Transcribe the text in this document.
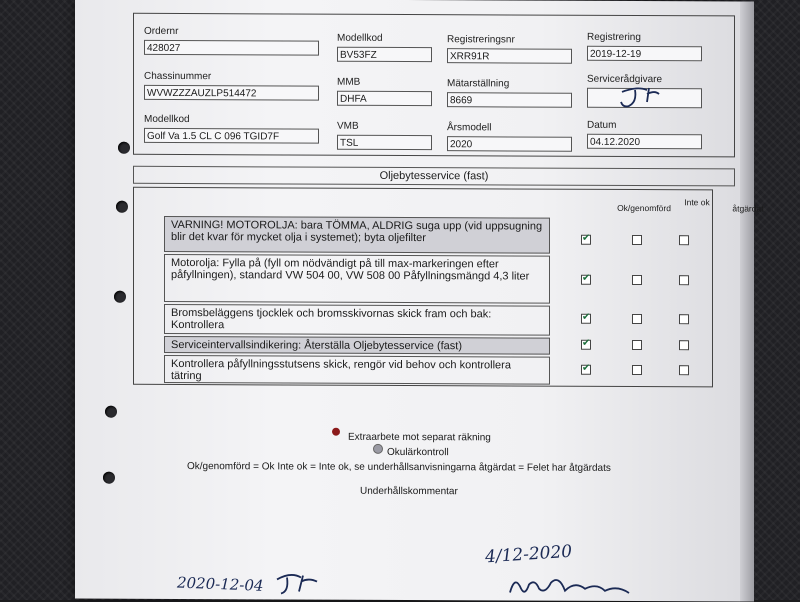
Ordernr
428027
Modellkod
BV53FZ
Registreringsnr
XRR91R
Registrering
2019-12-19
Chassinummer
WVWZZZAUZLP514472
MMB
DHFA
Mätarställning
8669
Servicerådgivare
Modellkod
Golf Va 1.5 CL C 096 TGID7F
VMB
TSL
Årsmodell
2020
Datum
04.12.2020
Oljebytesservice (fast)
Ok/genomförd
Inte ok
åtgärdat
VARNING! MOTOROLJA: bara TÖMMA, ALDRIG suga upp (vid uppsugning blir det kvar för mycket olja i systemet); byta oljefilter
✔
Motorolja: Fylla på (fyll om nödvändigt på till max-markeringen efter påfyllningen), standard VW 504 00, VW 508 00 Påfyllningsmängd 4,3 liter
✔
Bromsbeläggens tjocklek och bromsskivornas skick fram och bak: Kontrollera
✔
Serviceintervallsindikering: Återställa Oljebytesservice (fast)
✔
Kontrollera påfyllningsstutsens skick, rengör vid behov och kontrollera tätring
✔
Extraarbete mot separat räkning
Okulärkontroll
Ok/genomförd = Ok Inte ok = Inte ok, se underhållsanvisningarna åtgärdat = Felet har åtgärdats
Underhållskommentar
4/12-2020
2020-12-04
